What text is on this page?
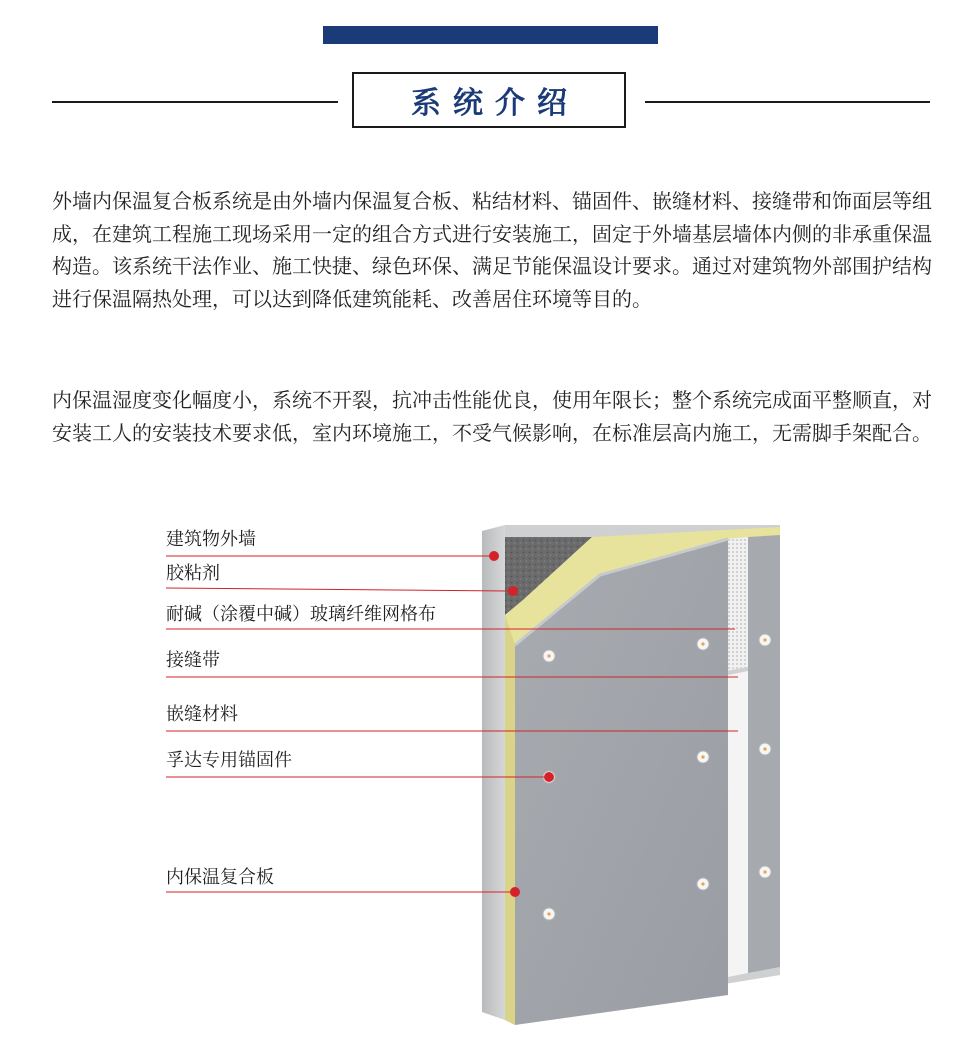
系统介绍

外墙内保温复合板系统是由外墙内保温复合板、粘结材料、锚固件、嵌缝材料、接缝带和饰面层等组成，在建筑工程施工现场采用一定的组合方式进行安装施工，固定于外墙基层墙体内侧的非承重保温构造。该系统干法作业、施工快捷、绿色环保、满足节能保温设计要求。通过对建筑物外部围护结构进行保温隔热处理，可以达到降低建筑能耗、改善居住环境等目的。

内保温湿度变化幅度小，系统不开裂，抗冲击性能优良，使用年限长；整个系统完成面平整顺直，对安装工人的安装技术要求低，室内环境施工，不受气候影响，在标准层高内施工，无需脚手架配合。

建筑物外墙
胶粘剂
耐碱（涂覆中碱）玻璃纤维网格布
接缝带
嵌缝材料
孚达专用锚固件
内保温复合板
